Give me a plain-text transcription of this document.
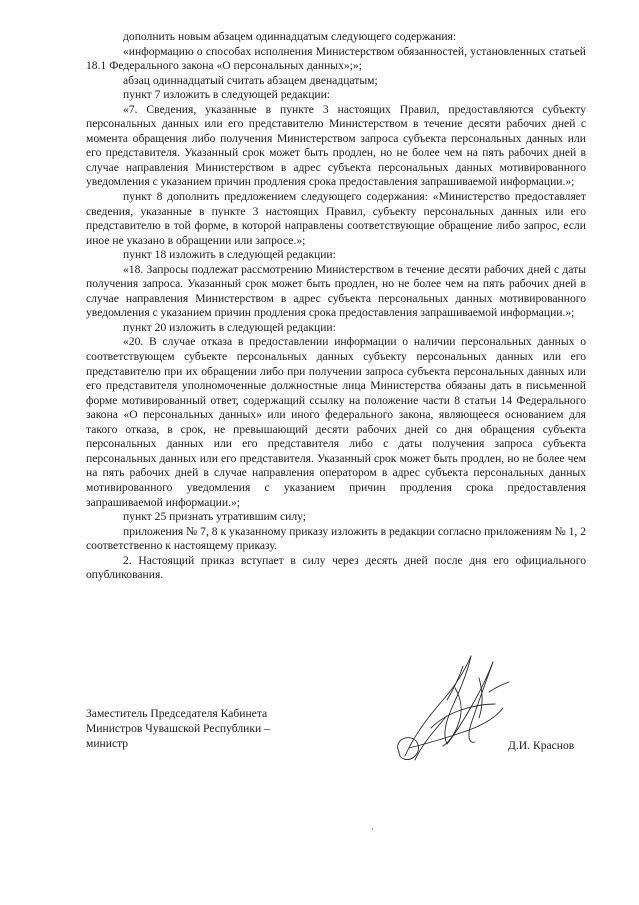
дополнить новым абзацем одиннадцатым следующего содержания:

«информацию о способах исполнения Министерством обязанностей, установленных статьей 18.1 Федерального закона «О персональных данных»;»;

абзац одиннадцатый считать абзацем двенадцатым;

пункт 7 изложить в следующей редакции:

«7. Сведения, указанные в пункте 3 настоящих Правил, предоставляются субъекту персональных данных или его представителю Министерством в течение десяти рабочих дней с момента обращения либо получения Министерством запроса субъекта персональных данных или его представителя. Указанный срок может быть продлен, но не более чем на пять рабочих дней в случае направления Министерством в адрес субъекта персональных данных мотивированного уведомления с указанием причин продления срока предоставления запрашиваемой информации.»;

пункт 8 дополнить предложением следующего содержания: «Министерство предоставляет сведения, указанные в пункте 3 настоящих Правил, субъекту персональных данных или его представителю в той форме, в которой направлены соответствующие обращение либо запрос, если иное не указано в обращении или запросе.»;

пункт 18 изложить в следующей редакции:

«18. Запросы подлежат рассмотрению Министерством в течение десяти рабочих дней с даты получения запроса. Указанный срок может быть продлен, но не более чем на пять рабочих дней в случае направления Министерством в адрес субъекта персональных данных мотивированного уведомления с указанием причин продления срока предоставления запрашиваемой информации.»;

пункт 20 изложить в следующей редакции:

«20. В случае отказа в предоставлении информации о наличии персональных данных о соответствующем субъекте персональных данных субъекту персональных данных или его представителю при их обращении либо при получении запроса субъекта персональных данных или его представителя уполномоченные должностные лица Министерства обязаны дать в письменной форме мотивированный ответ, содержащий ссылку на положение части 8 статьи 14 Федерального закона «О персональных данных» или иного федерального закона, являющееся основанием для такого отказа, в срок, не превышающий десяти рабочих дней со дня обращения субъекта персональных данных или его представителя либо с даты получения запроса субъекта персональных данных или его представителя. Указанный срок может быть продлен, но не более чем на пять рабочих дней в случае направления оператором в адрес субъекта персональных данных мотивированного уведомления с указанием причин продления срока предоставления запрашиваемой информации.»;

пункт 25 признать утратившим силу;

приложения № 7, 8 к указанному приказу изложить в редакции согласно приложениям № 1, 2 соответственно к настоящему приказу.

2. Настоящий приказ вступает в силу через десять дней после дня его официального опубликования.

Заместитель Председателя Кабинета
Министров Чувашской Республики –
министр	Д.И. Краснов
